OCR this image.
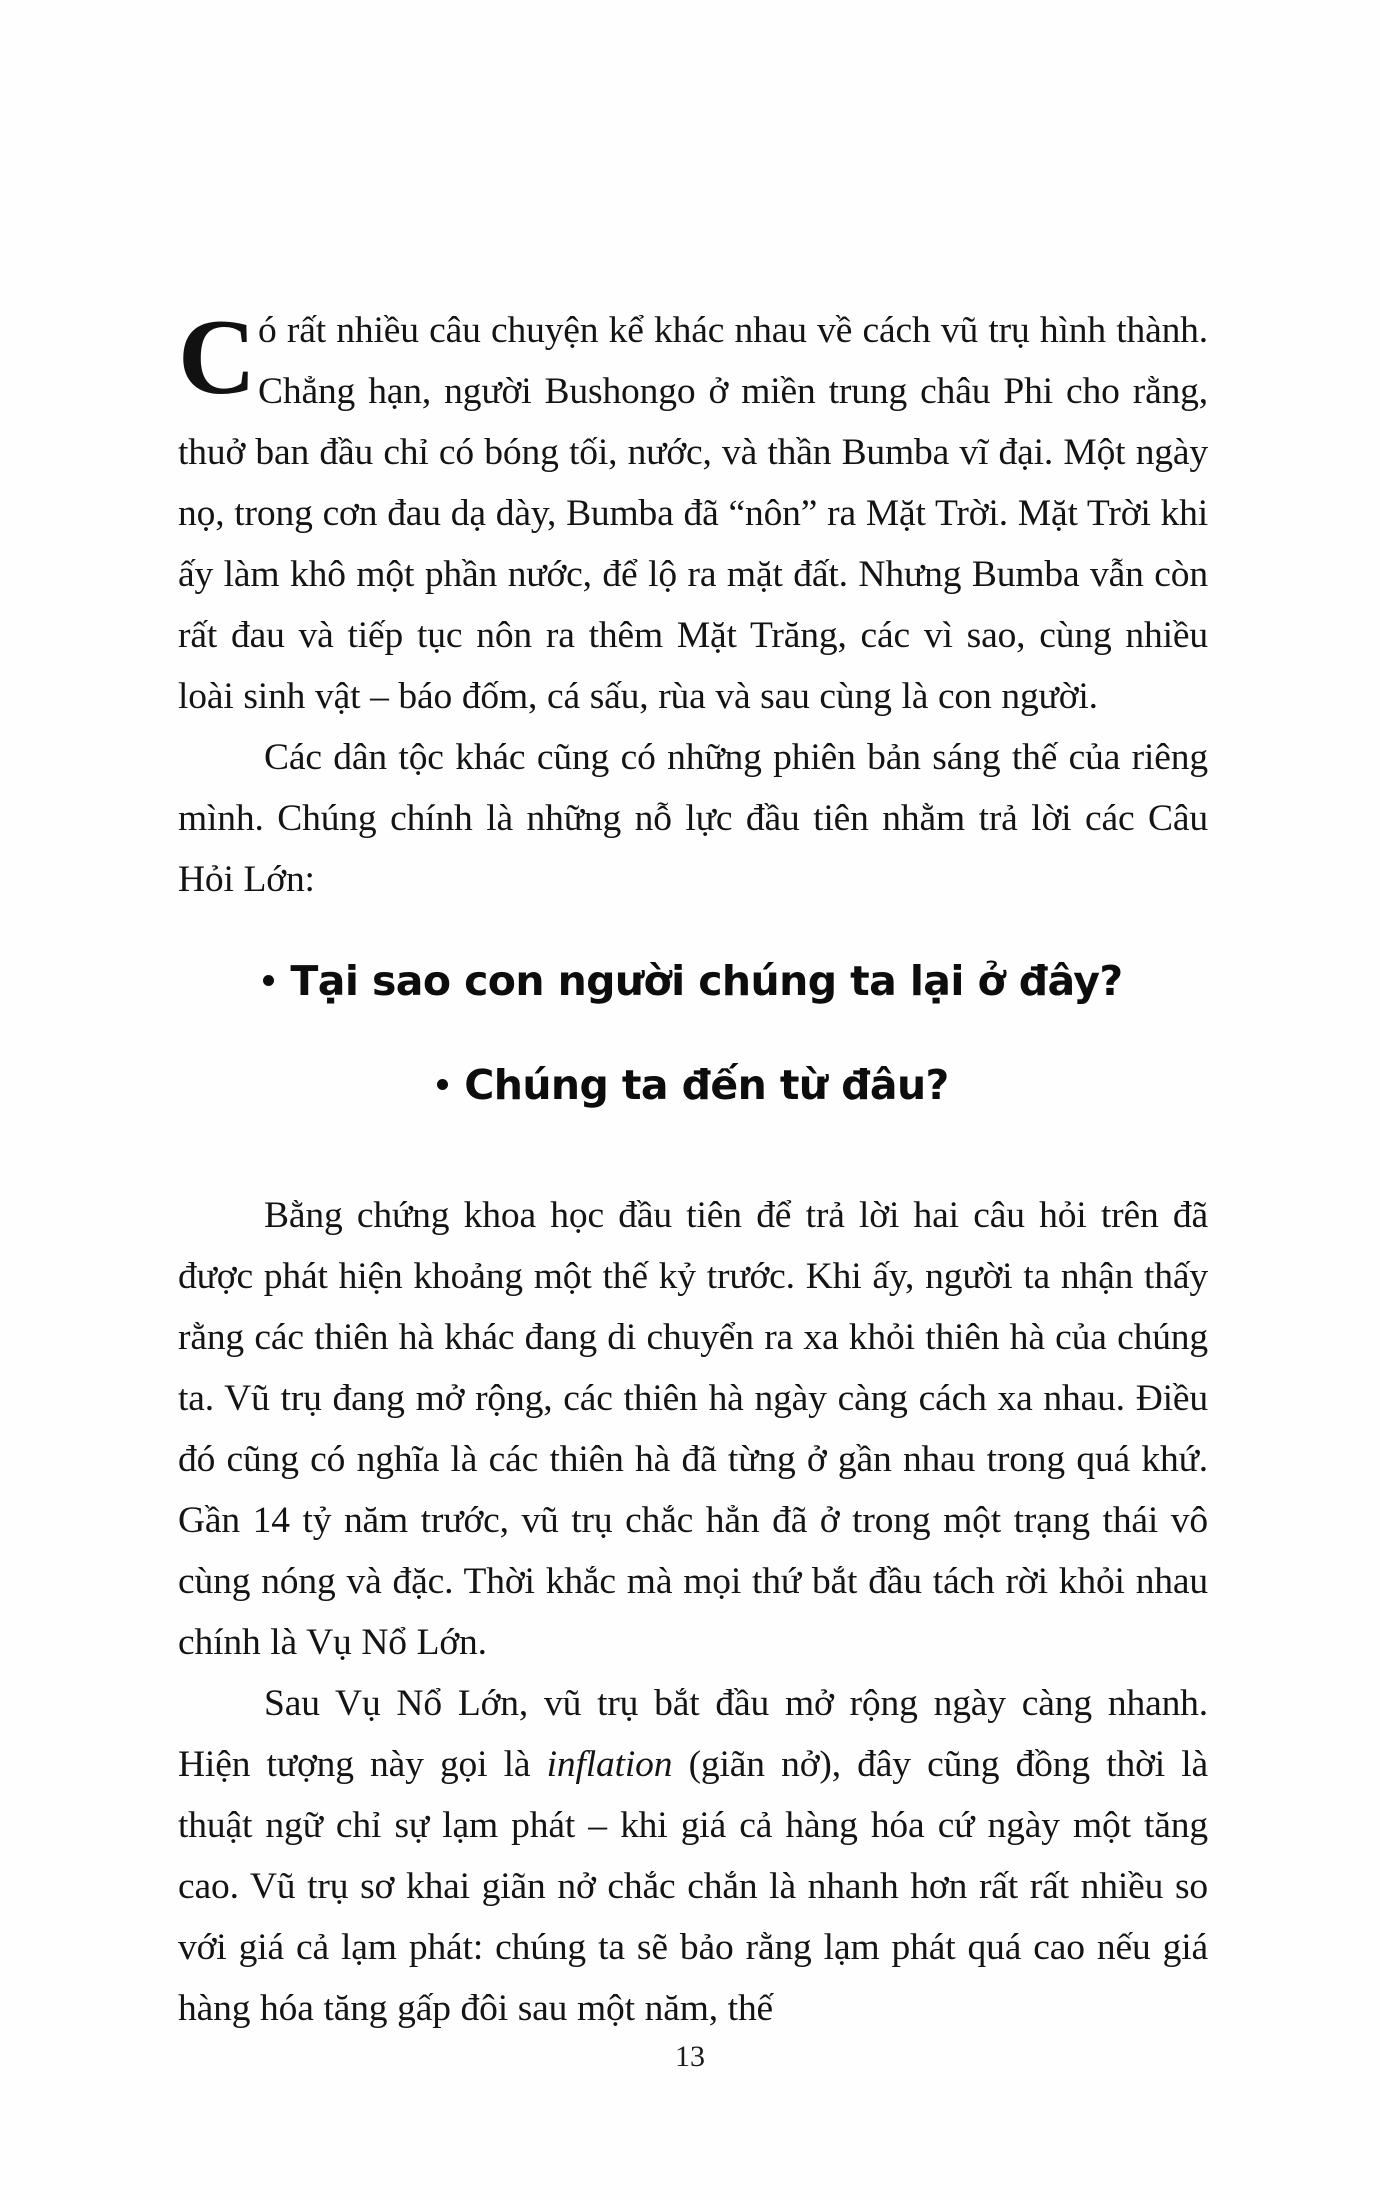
Có rất nhiều câu chuyện kể khác nhau về cách vũ trụ hình thành. Chẳng hạn, người Bushongo ở miền trung châu Phi cho rằng, thuở ban đầu chỉ có bóng tối, nước, và thần Bumba vĩ đại. Một ngày nọ, trong cơn đau dạ dày, Bumba đã “nôn” ra Mặt Trời. Mặt Trời khi ấy làm khô một phần nước, để lộ ra mặt đất. Nhưng Bumba vẫn còn rất đau và tiếp tục nôn ra thêm Mặt Trăng, các vì sao, cùng nhiều loài sinh vật – báo đốm, cá sấu, rùa và sau cùng là con người.

Các dân tộc khác cũng có những phiên bản sáng thế của riêng mình. Chúng chính là những nỗ lực đầu tiên nhằm trả lời các Câu Hỏi Lớn:

Tại sao con người chúng ta lại ở đây?
Chúng ta đến từ đâu?

Bằng chứng khoa học đầu tiên để trả lời hai câu hỏi trên đã được phát hiện khoảng một thế kỷ trước. Khi ấy, người ta nhận thấy rằng các thiên hà khác đang di chuyển ra xa khỏi thiên hà của chúng ta. Vũ trụ đang mở rộng, các thiên hà ngày càng cách xa nhau. Điều đó cũng có nghĩa là các thiên hà đã từng ở gần nhau trong quá khứ. Gần 14 tỷ năm trước, vũ trụ chắc hẳn đã ở trong một trạng thái vô cùng nóng và đặc. Thời khắc mà mọi thứ bắt đầu tách rời khỏi nhau chính là Vụ Nổ Lớn.

Sau Vụ Nổ Lớn, vũ trụ bắt đầu mở rộng ngày càng nhanh. Hiện tượng này gọi là inflation (giãn nở), đây cũng đồng thời là thuật ngữ chỉ sự lạm phát – khi giá cả hàng hóa cứ ngày một tăng cao. Vũ trụ sơ khai giãn nở chắc chắn là nhanh hơn rất rất nhiều so với giá cả lạm phát: chúng ta sẽ bảo rằng lạm phát quá cao nếu giá hàng hóa tăng gấp đôi sau một năm, thế

13
